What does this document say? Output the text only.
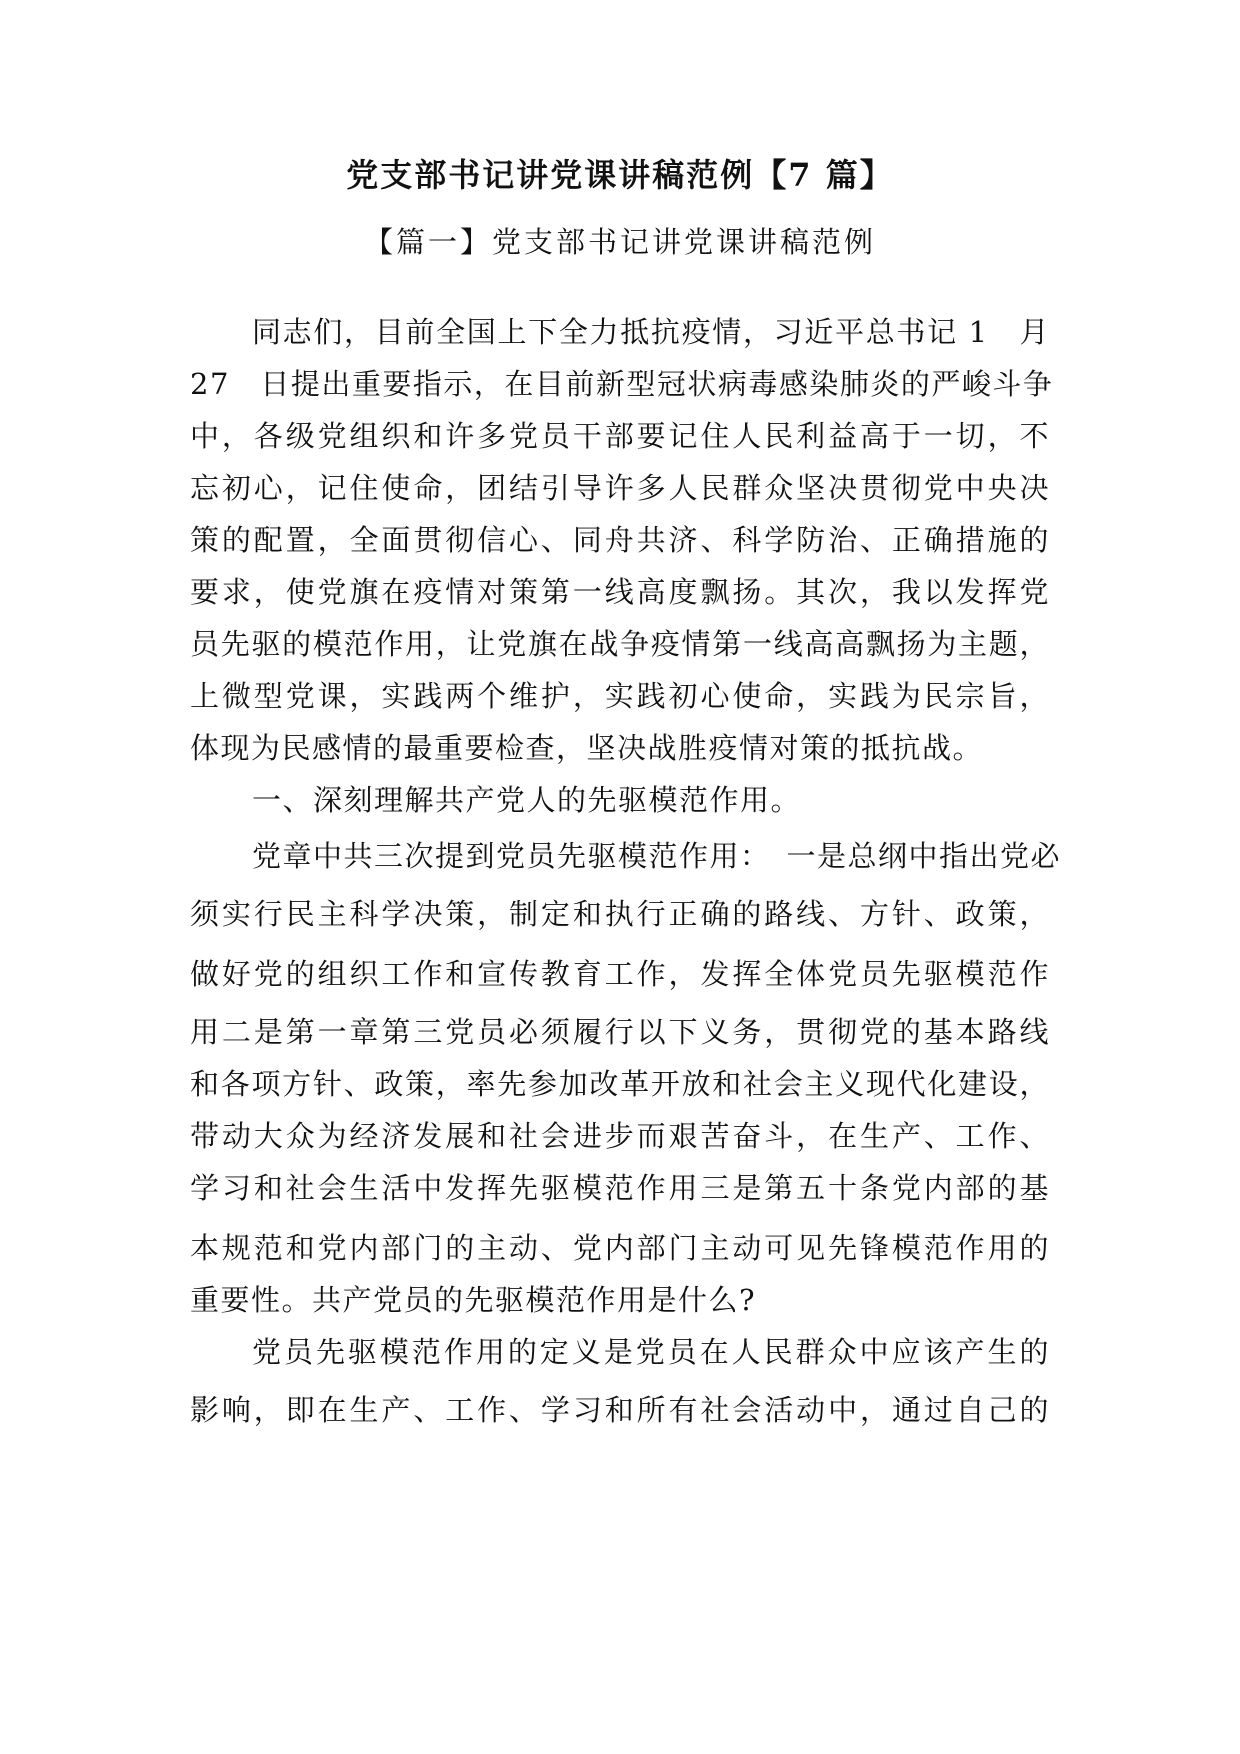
党支部书记讲党课讲稿范例【7 篇】
【篇一】党支部书记讲党课讲稿范例
同志们，目前全国上下全力抵抗疫情，习近平总书记 1　月
27　日提出重要指示，在目前新型冠状病毒感染肺炎的严峻斗争
中，各级党组织和许多党员干部要记住人民利益高于一切，不
忘初心，记住使命，团结引导许多人民群众坚决贯彻党中央决
策的配置，全面贯彻信心、同舟共济、科学防治、正确措施的
要求，使党旗在疫情对策第一线高度飘扬。其次，我以发挥党
员先驱的模范作用，让党旗在战争疫情第一线高高飘扬为主题，
上微型党课，实践两个维护，实践初心使命，实践为民宗旨，
体现为民感情的最重要检查，坚决战胜疫情对策的抵抗战。
一、深刻理解共产党人的先驱模范作用。
党章中共三次提到党员先驱模范作用：　一是总纲中指出党必
须实行民主科学决策，制定和执行正确的路线、方针、政策，
做好党的组织工作和宣传教育工作，发挥全体党员先驱模范作
用二是第一章第三党员必须履行以下义务，贯彻党的基本路线
和各项方针、政策，率先参加改革开放和社会主义现代化建设，
带动大众为经济发展和社会进步而艰苦奋斗，在生产、工作、
学习和社会生活中发挥先驱模范作用三是第五十条党内部的基
本规范和党内部门的主动、党内部门主动可见先锋模范作用的
重要性。共产党员的先驱模范作用是什么?
党员先驱模范作用的定义是党员在人民群众中应该产生的
影响，即在生产、工作、学习和所有社会活动中，通过自己的
